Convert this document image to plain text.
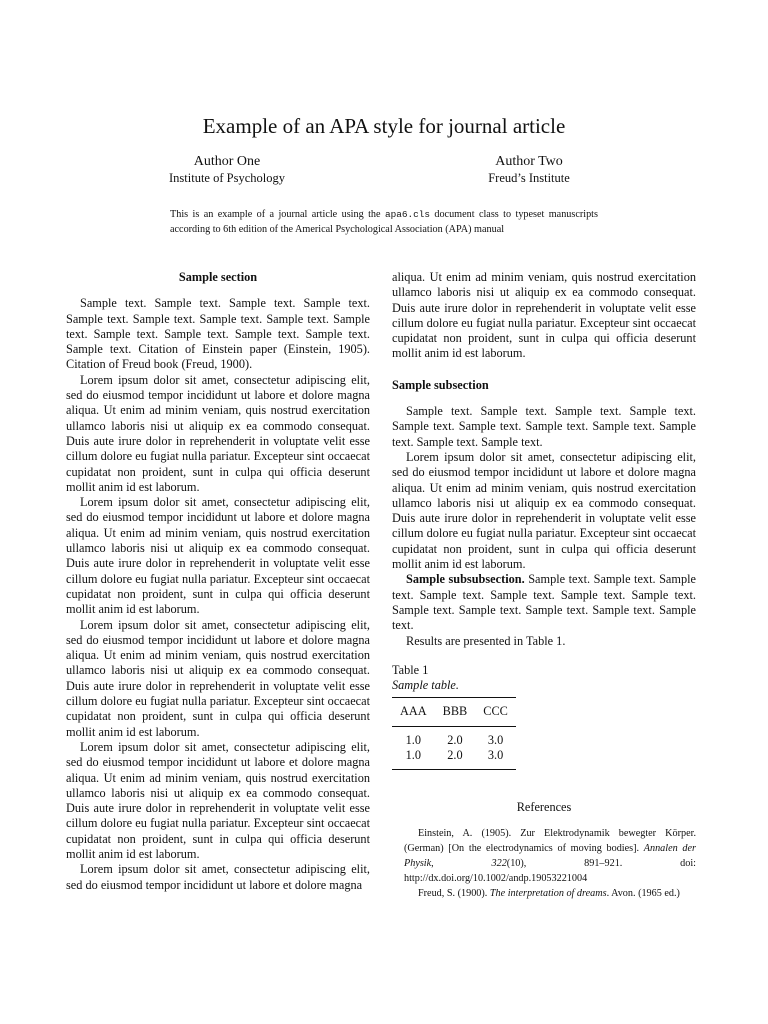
Example of an APA style for journal article
Author One
Institute of Psychology
Author Two
Freud’s Institute

This is an example of a journal article using the apa6.cls document class to typeset manuscripts according to 6th edition of the Americal Psychological Association (APA) manual

Sample section

Sample text. Sample text. Sample text. Sample text. Sample text. Sample text. Sample text. Sample text. Sample text. Sample text. Sample text. Sample text. Sample text. Sample text. Citation of Einstein paper (Einstein, 1905). Citation of Freud book (Freud, 1900).

Lorem ipsum dolor sit amet, consectetur adipiscing elit, sed do eiusmod tempor incididunt ut labore et dolore magna aliqua. Ut enim ad minim veniam, quis nostrud exercitation ullamco laboris nisi ut aliquip ex ea commodo consequat. Duis aute irure dolor in reprehenderit in voluptate velit esse cillum dolore eu fugiat nulla pariatur. Excepteur sint occaecat cupidatat non proident, sunt in culpa qui officia deserunt mollit anim id est laborum.

Lorem ipsum dolor sit amet, consectetur adipiscing elit, sed do eiusmod tempor incididunt ut labore et dolore magna aliqua. Ut enim ad minim veniam, quis nostrud exercitation ullamco laboris nisi ut aliquip ex ea commodo consequat. Duis aute irure dolor in reprehenderit in voluptate velit esse cillum dolore eu fugiat nulla pariatur. Excepteur sint occaecat cupidatat non proident, sunt in culpa qui officia deserunt mollit anim id est laborum.

Lorem ipsum dolor sit amet, consectetur adipiscing elit, sed do eiusmod tempor incididunt ut labore et dolore magna aliqua. Ut enim ad minim veniam, quis nostrud exercitation ullamco laboris nisi ut aliquip ex ea commodo consequat. Duis aute irure dolor in reprehenderit in voluptate velit esse cillum dolore eu fugiat nulla pariatur. Excepteur sint occaecat cupidatat non proident, sunt in culpa qui officia deserunt mollit anim id est laborum.

Lorem ipsum dolor sit amet, consectetur adipiscing elit, sed do eiusmod tempor incididunt ut labore et dolore magna aliqua. Ut enim ad minim veniam, quis nostrud exercitation ullamco laboris nisi ut aliquip ex ea commodo consequat. Duis aute irure dolor in reprehenderit in voluptate velit esse cillum dolore eu fugiat nulla pariatur. Excepteur sint occaecat cupidatat non proident, sunt in culpa qui officia deserunt mollit anim id est laborum.

Lorem ipsum dolor sit amet, consectetur adipiscing elit, sed do eiusmod tempor incididunt ut labore et dolore magna

aliqua. Ut enim ad minim veniam, quis nostrud exercitation ullamco laboris nisi ut aliquip ex ea commodo consequat. Duis aute irure dolor in reprehenderit in voluptate velit esse cillum dolore eu fugiat nulla pariatur. Excepteur sint occaecat cupidatat non proident, sunt in culpa qui officia deserunt mollit anim id est laborum.

Sample subsection

Sample text. Sample text. Sample text. Sample text. Sample text. Sample text. Sample text. Sample text. Sample text. Sample text. Sample text.

Lorem ipsum dolor sit amet, consectetur adipiscing elit, sed do eiusmod tempor incididunt ut labore et dolore magna aliqua. Ut enim ad minim veniam, quis nostrud exercitation ullamco laboris nisi ut aliquip ex ea commodo consequat. Duis aute irure dolor in reprehenderit in voluptate velit esse cillum dolore eu fugiat nulla pariatur. Excepteur sint occaecat cupidatat non proident, sunt in culpa qui officia deserunt mollit anim id est laborum.

Sample subsubsection. Sample text. Sample text. Sample text. Sample text. Sample text. Sample text. Sample text. Sample text. Sample text. Sample text. Sample text. Sample text.

Results are presented in Table 1.

Table 1
Sample table.
AAA	BBB	CCC
1.0	2.0	3.0
1.0	2.0	3.0
References

Einstein, A. (1905). Zur Elektrodynamik bewegter Körper. (German) [On the electrodynamics of moving bodies]. Annalen der Physik, 322(10), 891–921. doi: http://dx.doi.org/10.1002/andp.19053221004

Freud, S. (1900). The interpretation of dreams. Avon. (1965 ed.)
